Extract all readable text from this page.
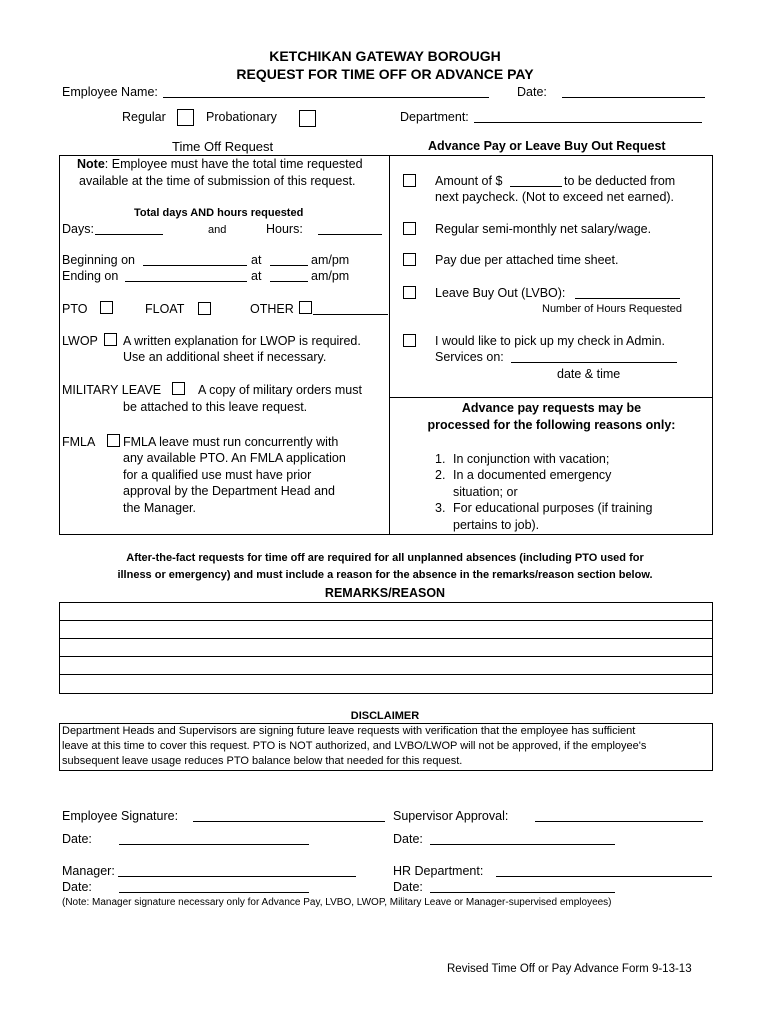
KETCHIKAN GATEWAY BOROUGH
REQUEST FOR TIME OFF OR ADVANCE PAY
Employee Name:	Date:
Regular	Probationary	Department:
Time Off Request	Advance Pay or Leave Buy Out Request
Note: Employee must have the total time requested
available at the time of submission of this request.
Total days AND hours requested
Days:	and	Hours:
Beginning on	at	am/pm
Ending on	at	am/pm
PTO	FLOAT	OTHER
LWOP A written explanation for LWOP is required.
Use an additional sheet if necessary.
MILITARY LEAVE	A copy of military orders must
be attached to this leave request.
FMLA FMLA leave must run concurrently with
any available PTO. An FMLA application
for a qualified use must have prior
approval by the Department Head and
the Manager.
Amount of $	to be deducted from
next paycheck. (Not to exceed net earned).
Regular semi-monthly net salary/wage.
Pay due per attached time sheet.
Leave Buy Out (LVBO):
Number of Hours Requested
I would like to pick up my check in Admin.
Services on:
date & time
Advance pay requests may be
processed for the following reasons only:
1. In conjunction with vacation;
2. In a documented emergency
situation; or
3. For educational purposes (if training
pertains to job).
After-the-fact requests for time off are required for all unplanned absences (including PTO used for
illness or emergency) and must include a reason for the absence in the remarks/reason section below.
REMARKS/REASON
DISCLAIMER
Department Heads and Supervisors are signing future leave requests with verification that the employee has sufficient
leave at this time to cover this request. PTO is NOT authorized, and LVBO/LWOP will not be approved, if the employee's
subsequent leave usage reduces PTO balance below that needed for this request.
Employee Signature:	Supervisor Approval:
Date:	Date:
Manager:	HR Department:
Date:	Date:
(Note: Manager signature necessary only for Advance Pay, LVBO, LWOP, Military Leave or Manager-supervised employees)
Revised Time Off or Pay Advance Form 9-13-13
